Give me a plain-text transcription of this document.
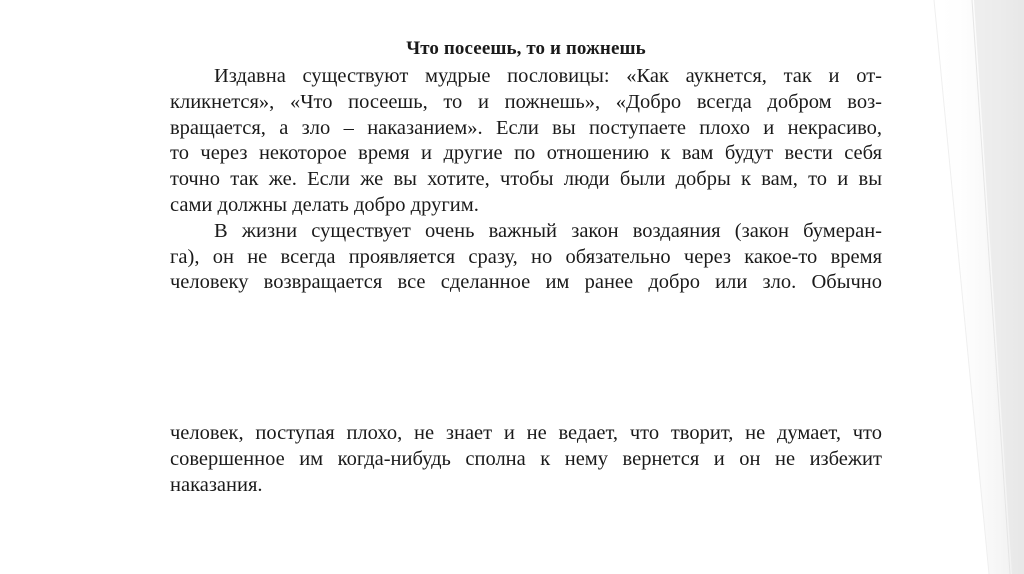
Что посеешь, то и пожнешь
Издавна существуют мудрые пословицы: «Как аукнется, так и от-
кликнется», «Что посеешь, то и пожнешь», «Добро всегда добром воз-
вращается, а зло – наказанием». Если вы поступаете плохо и некрасиво,
то через некоторое время и другие по отношению к вам будут вести себя
точно так же. Если же вы хотите, чтобы люди были добры к вам, то и вы
сами должны делать добро другим.
В жизни существует очень важный закон воздаяния (закон бумеран-
га), он не всегда проявляется сразу, но обязательно через какое-то время
человеку возвращается все сделанное им ранее добро или зло. Обычно
человек, поступая плохо, не знает и не ведает, что творит, не думает, что
совершенное им когда-нибудь сполна к нему вернется и он не избежит
наказания.
